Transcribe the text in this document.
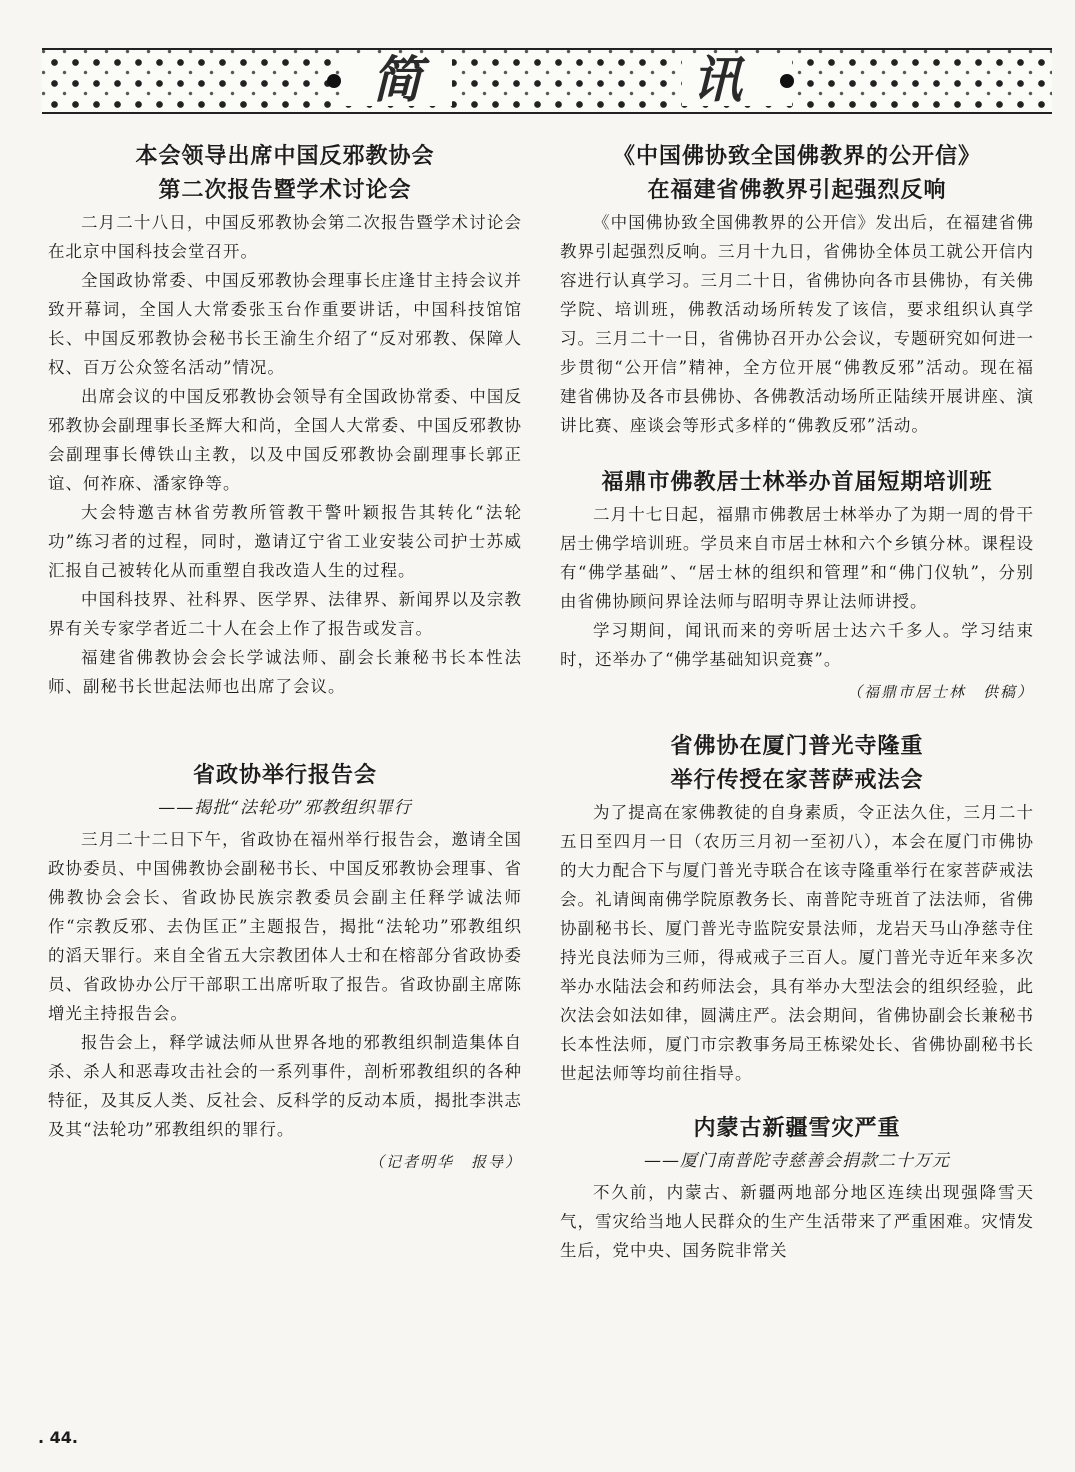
简	讯
本会领导出席中国反邪教协会
第二次报告暨学术讨论会

二月二十八日，中国反邪教协会第二次报告暨学术讨论会在北京中国科技会堂召开。

全国政协常委、中国反邪教协会理事长庄逢甘主持会议并致开幕词，全国人大常委张玉台作重要讲话，中国科技馆馆长、中国反邪教协会秘书长王渝生介绍了“反对邪教、保障人权、百万公众签名活动”情况。

出席会议的中国反邪教协会领导有全国政协常委、中国反邪教协会副理事长圣辉大和尚，全国人大常委、中国反邪教协会副理事长傅铁山主教，以及中国反邪教协会副理事长郭正谊、何祚庥、潘家铮等。

大会特邀吉林省劳教所管教干警叶颖报告其转化“法轮功”练习者的过程，同时，邀请辽宁省工业安装公司护士苏威汇报自己被转化从而重塑自我改造人生的过程。

中国科技界、社科界、医学界、法律界、新闻界以及宗教界有关专家学者近二十人在会上作了报告或发言。

福建省佛教协会会长学诚法师、副会长兼秘书长本性法师、副秘书长世起法师也出席了会议。

省政协举行报告会
——揭批“法轮功”邪教组织罪行

三月二十二日下午，省政协在福州举行报告会，邀请全国政协委员、中国佛教协会副秘书长、中国反邪教协会理事、省佛教协会会长、省政协民族宗教委员会副主任释学诚法师作“宗教反邪、去伪匡正”主题报告，揭批“法轮功”邪教组织的滔天罪行。来自全省五大宗教团体人士和在榕部分省政协委员、省政协办公厅干部职工出席听取了报告。省政协副主席陈增光主持报告会。

报告会上，释学诚法师从世界各地的邪教组织制造集体自杀、杀人和恶毒攻击社会的一系列事件，剖析邪教组织的各种特征，及其反人类、反社会、反科学的反动本质，揭批李洪志及其“法轮功”邪教组织的罪行。

（记者明华　报导）
《中国佛协致全国佛教界的公开信》
在福建省佛教界引起强烈反响

《中国佛协致全国佛教界的公开信》发出后，在福建省佛教界引起强烈反响。三月十九日，省佛协全体员工就公开信内容进行认真学习。三月二十日，省佛协向各市县佛协，有关佛学院、培训班，佛教活动场所转发了该信，要求组织认真学习。三月二十一日，省佛协召开办公会议，专题研究如何进一步贯彻“公开信”精神，全方位开展“佛教反邪”活动。现在福建省佛协及各市县佛协、各佛教活动场所正陆续开展讲座、演讲比赛、座谈会等形式多样的“佛教反邪”活动。

福鼎市佛教居士林举办首届短期培训班

二月十七日起，福鼎市佛教居士林举办了为期一周的骨干居士佛学培训班。学员来自市居士林和六个乡镇分林。课程设有“佛学基础”、“居士林的组织和管理”和“佛门仪轨”，分别由省佛协顾问界诠法师与昭明寺界让法师讲授。

学习期间，闻讯而来的旁听居士达六千多人。学习结束时，还举办了“佛学基础知识竞赛”。

（福鼎市居士林　供稿）
省佛协在厦门普光寺隆重
举行传授在家菩萨戒法会

为了提高在家佛教徒的自身素质，令正法久住，三月二十五日至四月一日（农历三月初一至初八），本会在厦门市佛协的大力配合下与厦门普光寺联合在该寺隆重举行在家菩萨戒法会。礼请闽南佛学院原教务长、南普陀寺班首了法法师，省佛协副秘书长、厦门普光寺监院安景法师，龙岩天马山净慈寺住持光良法师为三师，得戒戒子三百人。厦门普光寺近年来多次举办水陆法会和药师法会，具有举办大型法会的组织经验，此次法会如法如律，圆满庄严。法会期间，省佛协副会长兼秘书长本性法师，厦门市宗教事务局王栋梁处长、省佛协副秘书长世起法师等均前往指导。

内蒙古新疆雪灾严重
——厦门南普陀寺慈善会捐款二十万元

不久前，内蒙古、新疆两地部分地区连续出现强降雪天气，雪灾给当地人民群众的生产生活带来了严重困难。灾情发生后，党中央、国务院非常关

. 44.
